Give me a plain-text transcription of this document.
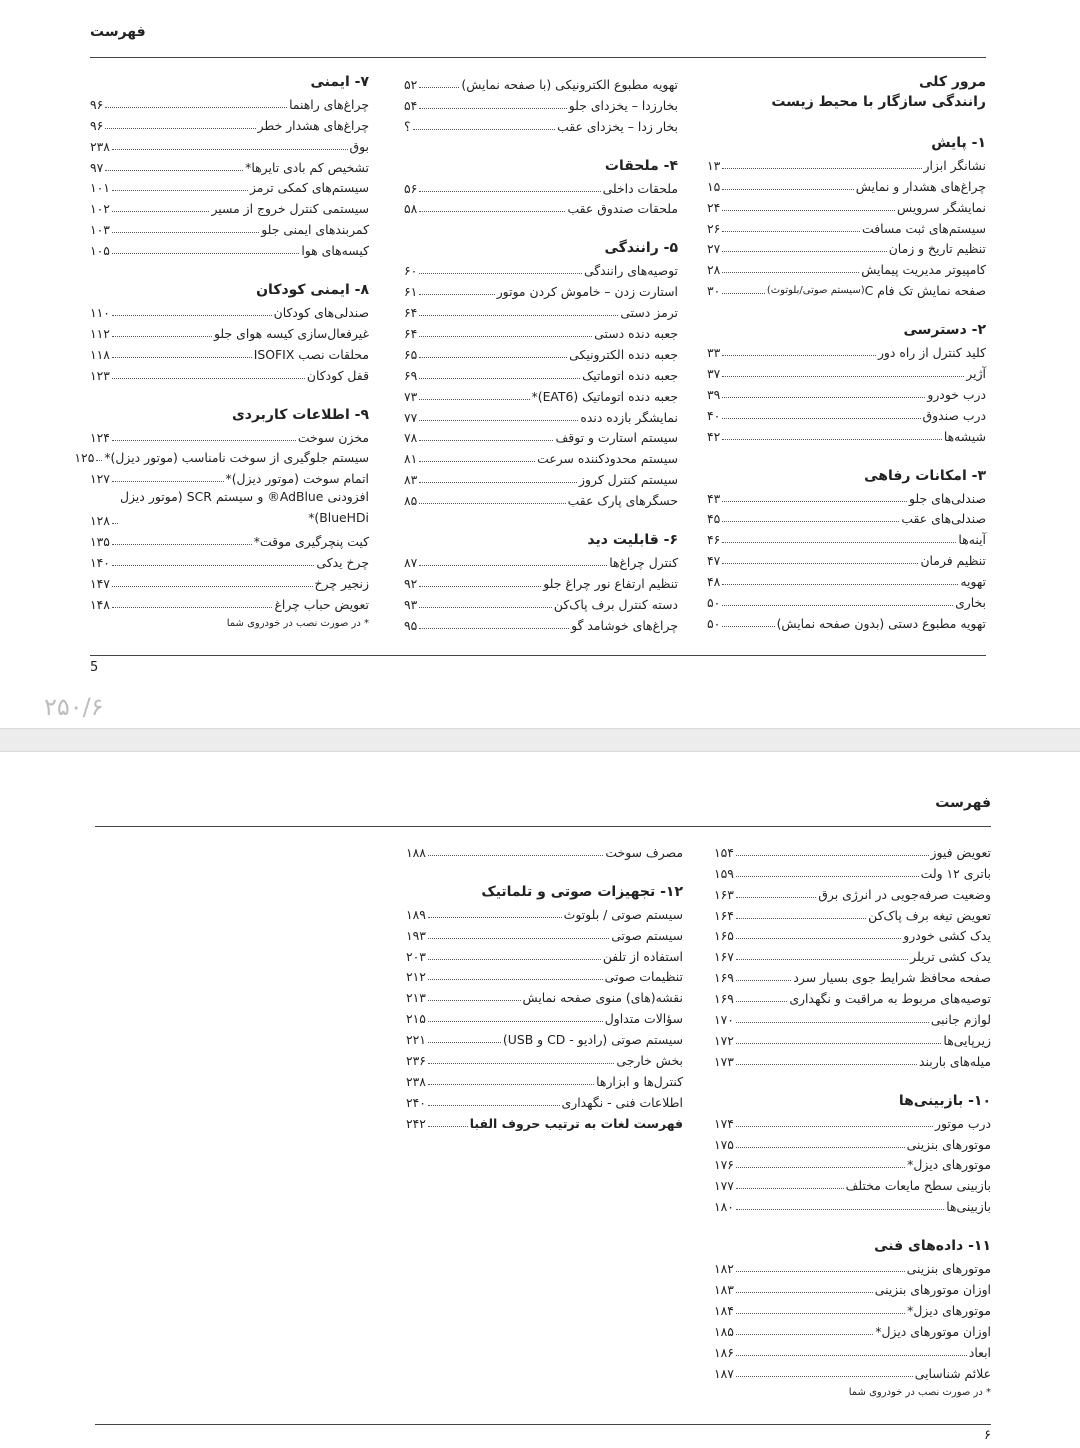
فهرست
مرور کلی
رانندگی سازگار با محیط زیست
۱- پایش
نشانگر ابزار
۱۳
چراغ‌های هشدار و نمایش
۱۵
نمایشگر سرویس
۲۴
سیستم‌های ثبت مسافت
۲۶
تنظیم تاریخ و زمان
۲۷
کامپیوتر مدیریت پیمایش
۲۸
صفحه نمایش تک فام C
(سیستم صوتی/بلوتوث)
۳۰
۲- دسترسی
کلید کنترل از راه دور
۳۳
آژیر
۳۷
درب خودرو
۳۹
درب صندوق
۴۰
شیشه‌ها
۴۲
۳- امکانات رفاهی
صندلی‌های جلو
۴۳
صندلی‌های عقب
۴۵
آینه‌ها
۴۶
تنظیم فرمان
۴۷
تهویه
۴۸
بخاری
۵۰
تهویه مطبوع دستی (بدون صفحه نمایش)
۵۰
تهویه مطبوع الکترونیکی (با صفحه نمایش)
۵۲
بخارزدا – یخزدای جلو
۵۴
بخار زدا – یخزدای عقب
؟
۴- ملحقات
ملحقات داخلی
۵۶
ملحقات صندوق عقب
۵۸
۵- رانندگی
توصیه‌های رانندگی
۶۰
استارت زدن – خاموش کردن موتور
۶۱
ترمز دستی
۶۴
جعبه دنده دستی
۶۴
جعبه دنده الکترونیکی
۶۵
جعبه دنده اتوماتیک
۶۹
جعبه دنده اتوماتیک (EAT6)*
۷۳
نمایشگر بازده دنده
۷۷
سیستم استارت و توقف
۷۸
سیستم محدودکننده سرعت
۸۱
سیستم کنترل کروز
۸۳
حسگرهای پارک عقب
۸۵
۶- قابلیت دید
کنترل چراغ‌ها
۸۷
تنظیم ارتفاع نور چراغ جلو
۹۲
دسته کنترل برف پاک‌کن
۹۳
چراغ‌های خوشامد گو
۹۵
۷- ایمنی
چراغ‌های راهنما
۹۶
چراغ‌های هشدار خطر
۹۶
بوق
۲۳۸
تشخیص کم بادی تایرها*
۹۷
سیستم‌های کمکی ترمز
۱۰۱
سیستمی کنترل خروج از مسیر
۱۰۲
کمربندهای ایمنی جلو
۱۰۳
کیسه‌های هوا
۱۰۵
۸- ایمنی کودکان
صندلی‌های کودکان
۱۱۰
غیرفعال‌سازی کیسه هوای جلو
۱۱۲
محلقات نصب ISOFIX
۱۱۸
قفل کودکان
۱۲۳
۹- اطلاعات کاربردی
مخزن سوخت
۱۲۴
سیستم جلوگیری از سوخت نامناسب (موتور دیزل)*
۱۲۵
اتمام سوخت (موتور دیزل)*
۱۲۷
افزودنی AdBlue® و سیستم SCR (موتور دیزل BlueHDi)*
۱۲۸
کیت پنچرگیری موقت*
۱۳۵
چرخ یدکی
۱۴۰
زنجیر چرخ
۱۴۷
تعویض حباب چراغ
۱۴۸
* در صورت نصب در خودروی شما
5
۲۵۰/۶
فهرست
تعویض فیوز
۱۵۴
باتری ۱۲ ولت
۱۵۹
وضعیت صرفه‌جویی در انرژی برق
۱۶۳
تعویض تیغه برف پاک‌کن
۱۶۴
یدک کشی خودرو
۱۶۵
یدک کشی تریلر
۱۶۷
صفحه محافظ شرایط جوی بسیار سرد
۱۶۹
توصیه‌های مربوط به مراقبت و نگهداری
۱۶۹
لوازم جانبی
۱۷۰
زیرپایی‌ها
۱۷۲
میله‌های باربند
۱۷۳
۱۰- بازبینی‌ها
درب موتور
۱۷۴
موتورهای بنزینی
۱۷۵
موتورهای دیزل*
۱۷۶
بازبینی سطح مایعات مختلف
۱۷۷
بازبینی‌ها
۱۸۰
۱۱- داده‌های فنی
موتورهای بنزینی
۱۸۲
اوزان موتورهای بنزینی
۱۸۳
موتورهای دیزل*
۱۸۴
اوزان موتورهای دیزل*
۱۸۵
ابعاد
۱۸۶
علائم شناسایی
۱۸۷
* در صورت نصب در خودروی شما
مصرف سوخت
۱۸۸
۱۲- تجهیزات صوتی و تلماتیک
سیستم صوتی / بلوتوث
۱۸۹
سیستم صوتی
۱۹۳
استفاده از تلفن
۲۰۳
تنظیمات صوتی
۲۱۲
نقشه(های) منوی صفحه نمایش
۲۱۳
سؤالات متداول
۲۱۵
سیستم صوتی (رادیو - CD و USB)
۲۲۱
بخش خارجی
۲۳۶
کنترل‌ها و ابزارها
۲۳۸
اطلاعات فنی - نگهداری
۲۴۰
فهرست لغات به ترتیب حروف الفبا
۲۴۲
۶
